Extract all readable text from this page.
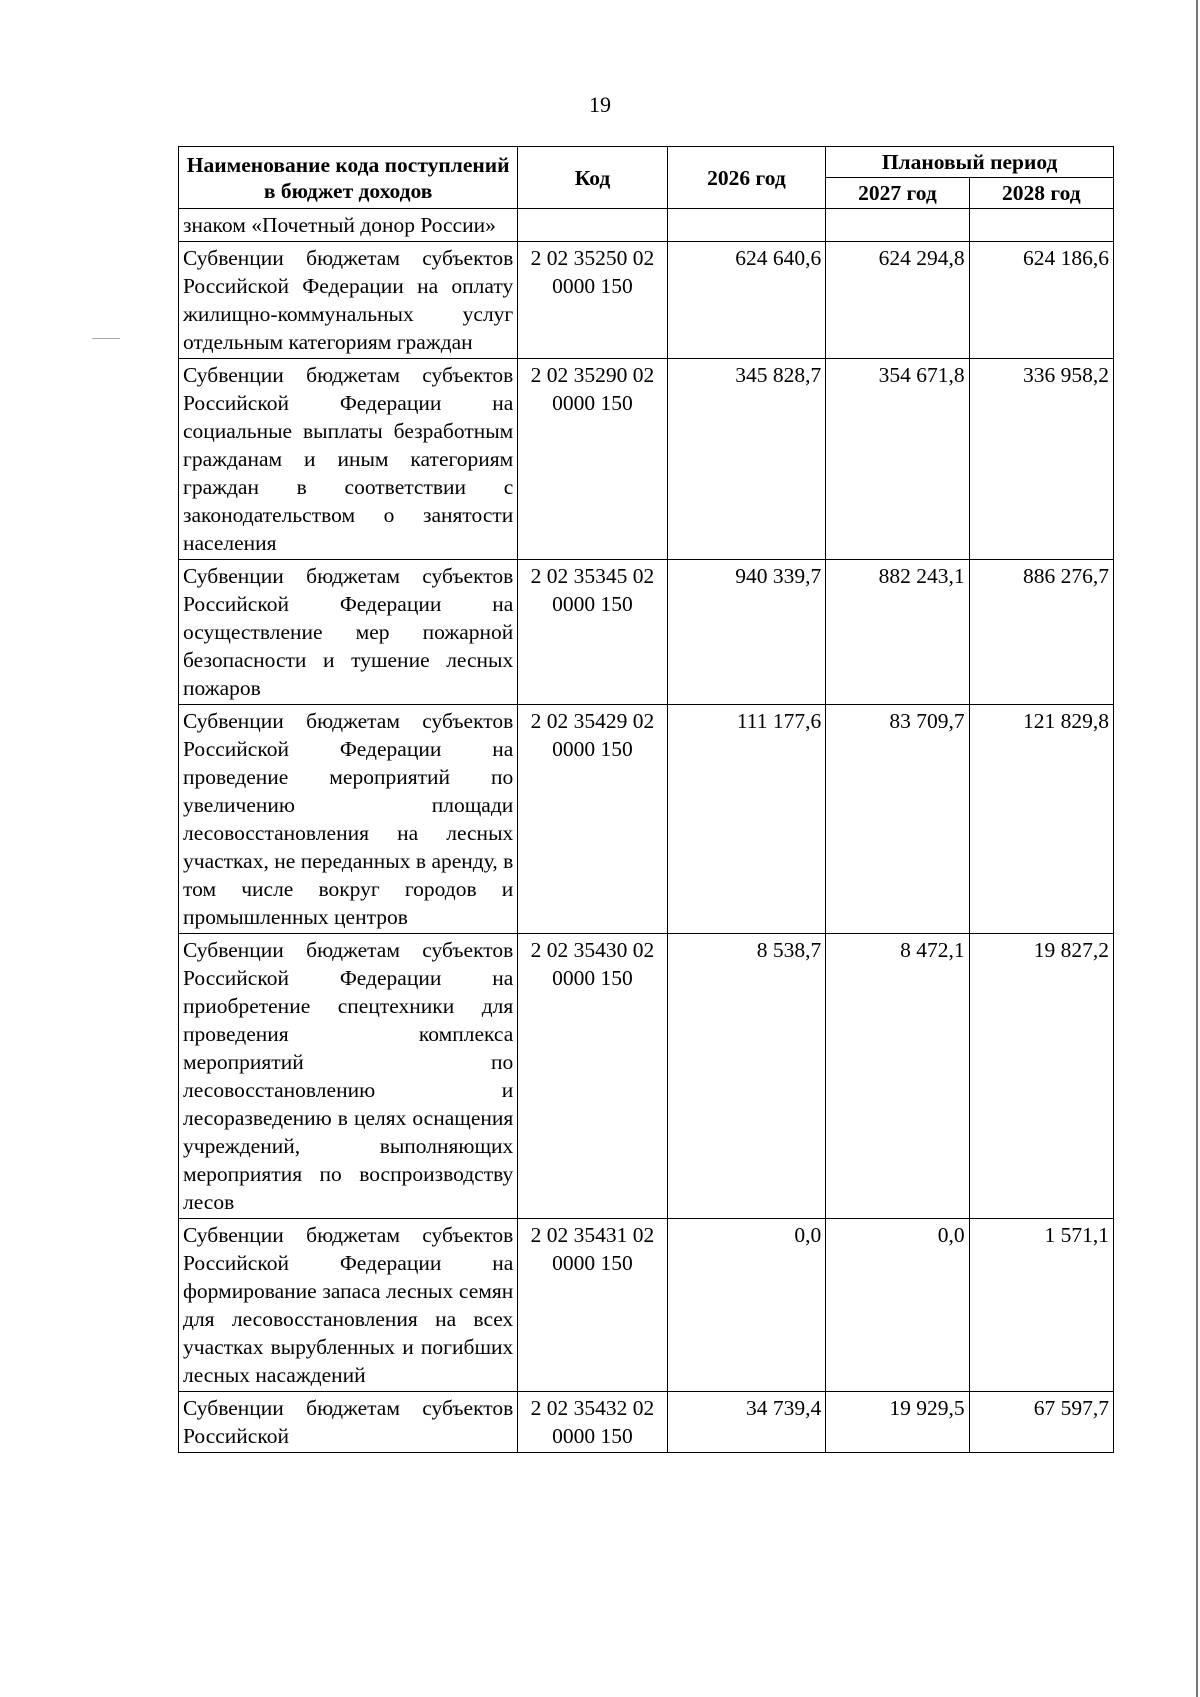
19
Наименование кода поступлений в бюджет доходов	Код	2026 год	Плановый период	
			2027 год	2028 год
знаком «Почетный донор России»				
Субвенции бюджетам субъектов Российской Федерации на оплату жилищно-коммунальных услуг отдельным категориям граждан	2 02 35250 02 0000 150	624 640,6	624 294,8	624 186,6
Субвенции бюджетам субъектов Российской Федерации на социальные выплаты безработным гражданам и иным категориям граждан в соответствии с законодательством о занятости населения	2 02 35290 02 0000 150	345 828,7	354 671,8	336 958,2
Субвенции бюджетам субъектов Российской Федерации на осуществление мер пожарной безопасности и тушение лесных пожаров	2 02 35345 02 0000 150	940 339,7	882 243,1	886 276,7
Субвенции бюджетам субъектов Российской Федерации на проведение мероприятий по увеличению площади лесовосстановления на лесных участках, не переданных в аренду, в том числе вокруг городов и промышленных центров	2 02 35429 02 0000 150	111 177,6	83 709,7	121 829,8
Субвенции бюджетам субъектов Российской Федерации на приобретение спецтехники для проведения комплекса мероприятий по лесовосстановлению и лесоразведению в целях оснащения учреждений, выполняющих мероприятия по воспроизводству лесов	2 02 35430 02 0000 150	8 538,7	8 472,1	19 827,2
Субвенции бюджетам субъектов Российской Федерации на формирование запаса лесных семян для лесовосстановления на всех участках вырубленных и погибших лесных насаждений	2 02 35431 02 0000 150	0,0	0,0	1 571,1
Субвенции бюджетам субъектов Российской	2 02 35432 02 0000 150	34 739,4	19 929,5	67 597,7
